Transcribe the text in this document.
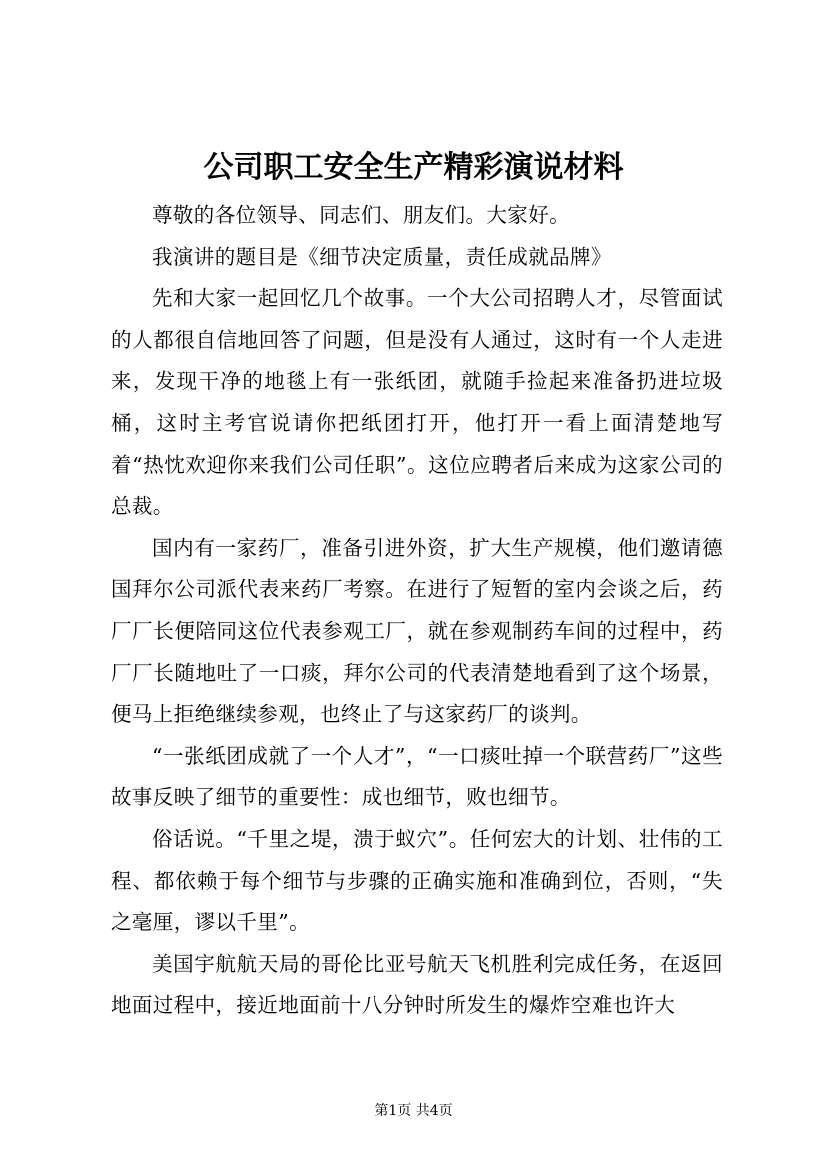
公司职工安全生产精彩演说材料

尊敬的各位领导、同志们、朋友们。大家好。

我演讲的题目是《细节决定质量，责任成就品牌》

先和大家一起回忆几个故事。一个大公司招聘人才，尽管面试的人都很自信地回答了问题，但是没有人通过，这时有一个人走进来，发现干净的地毯上有一张纸团，就随手捡起来准备扔进垃圾桶，这时主考官说请你把纸团打开，他打开一看上面清楚地写着“热忱欢迎你来我们公司任职”。这位应聘者后来成为这家公司的总裁。

国内有一家药厂，准备引进外资，扩大生产规模，他们邀请德国拜尔公司派代表来药厂考察。在进行了短暂的室内会谈之后，药厂厂长便陪同这位代表参观工厂，就在参观制药车间的过程中，药厂厂长随地吐了一口痰，拜尔公司的代表清楚地看到了这个场景，便马上拒绝继续参观，也终止了与这家药厂的谈判。

“一张纸团成就了一个人才”，“一口痰吐掉一个联营药厂”这些故事反映了细节的重要性：成也细节，败也细节。

俗话说。“千里之堤，溃于蚁穴”。任何宏大的计划、壮伟的工程、都依赖于每个细节与步骤的正确实施和准确到位，否则，“失之毫厘，谬以千里”。

美国宇航航天局的哥伦比亚号航天飞机胜利完成任务，在返回地面过程中，接近地面前十八分钟时所发生的爆炸空难也许大

第1页 共4页
